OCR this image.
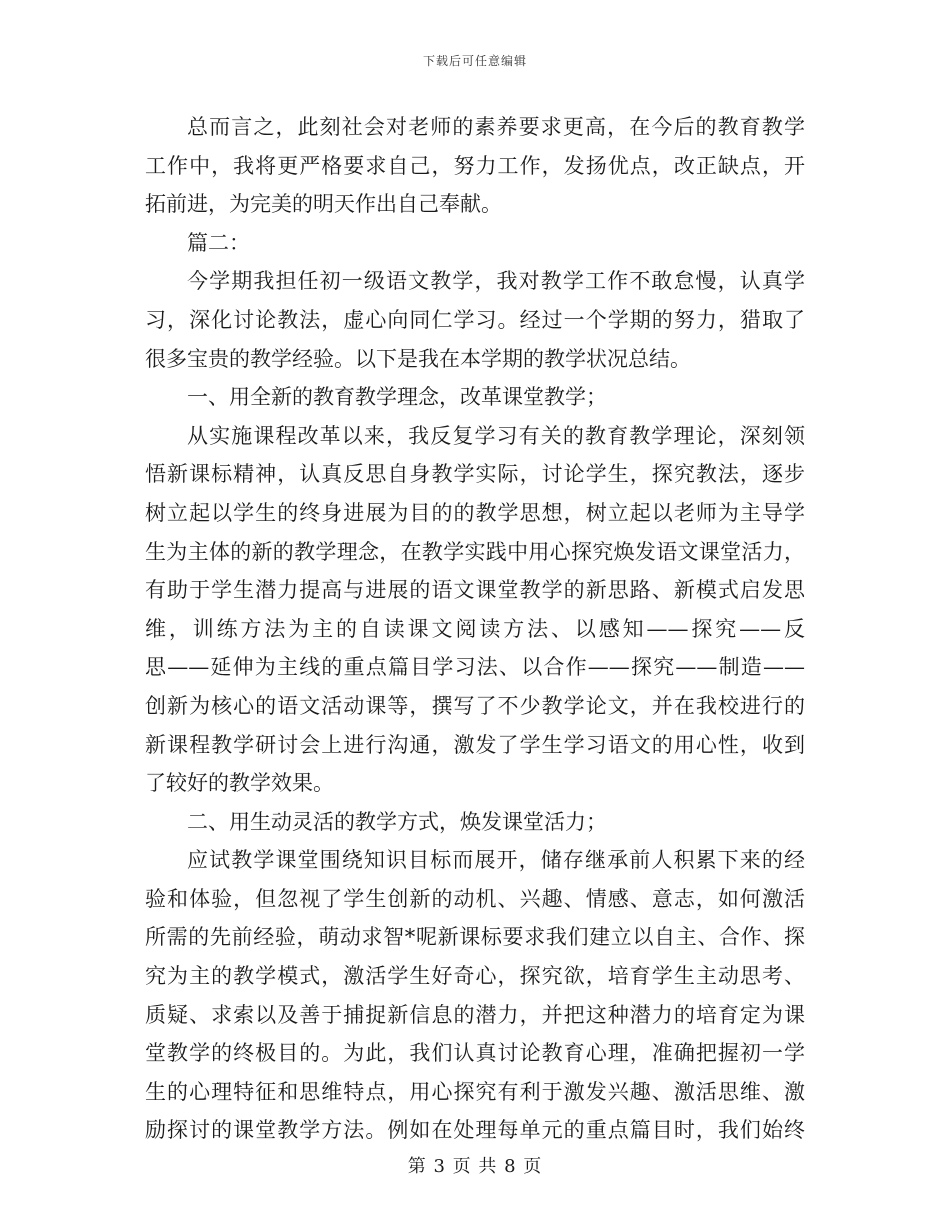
下载后可任意编辑
总而言之，此刻社会对老师的素养要求更高，在今后的教育教学
工作中，我将更严格要求自己，努力工作，发扬优点，改正缺点，开
拓前进，为完美的明天作出自己奉献。
篇二：
今学期我担任初一级语文教学，我对教学工作不敢怠慢，认真学
习，深化讨论教法，虚心向同仁学习。经过一个学期的努力，猎取了
很多宝贵的教学经验。以下是我在本学期的教学状况总结。
一、用全新的教育教学理念，改革课堂教学；
从实施课程改革以来，我反复学习有关的教育教学理论，深刻领
悟新课标精神，认真反思自身教学实际，讨论学生，探究教法，逐步
树立起以学生的终身进展为目的的教学思想，树立起以老师为主导学
生为主体的新的教学理念，在教学实践中用心探究焕发语文课堂活力，
有助于学生潜力提高与进展的语文课堂教学的新思路、新模式启发思
维，训练方法为主的自读课文阅读方法、以感知——探究——反
思——延伸为主线的重点篇目学习法、以合作——探究——制造——
创新为核心的语文活动课等，撰写了不少教学论文，并在我校进行的
新课程教学研讨会上进行沟通，激发了学生学习语文的用心性，收到
了较好的教学效果。
二、用生动灵活的教学方式，焕发课堂活力；
应试教学课堂围绕知识目标而展开，储存继承前人积累下来的经
验和体验，但忽视了学生创新的动机、兴趣、情感、意志，如何激活
所需的先前经验，萌动求智*呢新课标要求我们建立以自主、合作、探
究为主的教学模式，激活学生好奇心，探究欲，培育学生主动思考、
质疑、求索以及善于捕捉新信息的潜力，并把这种潜力的培育定为课
堂教学的终极目的。为此，我们认真讨论教育心理，准确把握初一学
生的心理特征和思维特点，用心探究有利于激发兴趣、激活思维、激
励探讨的课堂教学方法。例如在处理每单元的重点篇目时，我们始终
第 3 页 共 8 页
